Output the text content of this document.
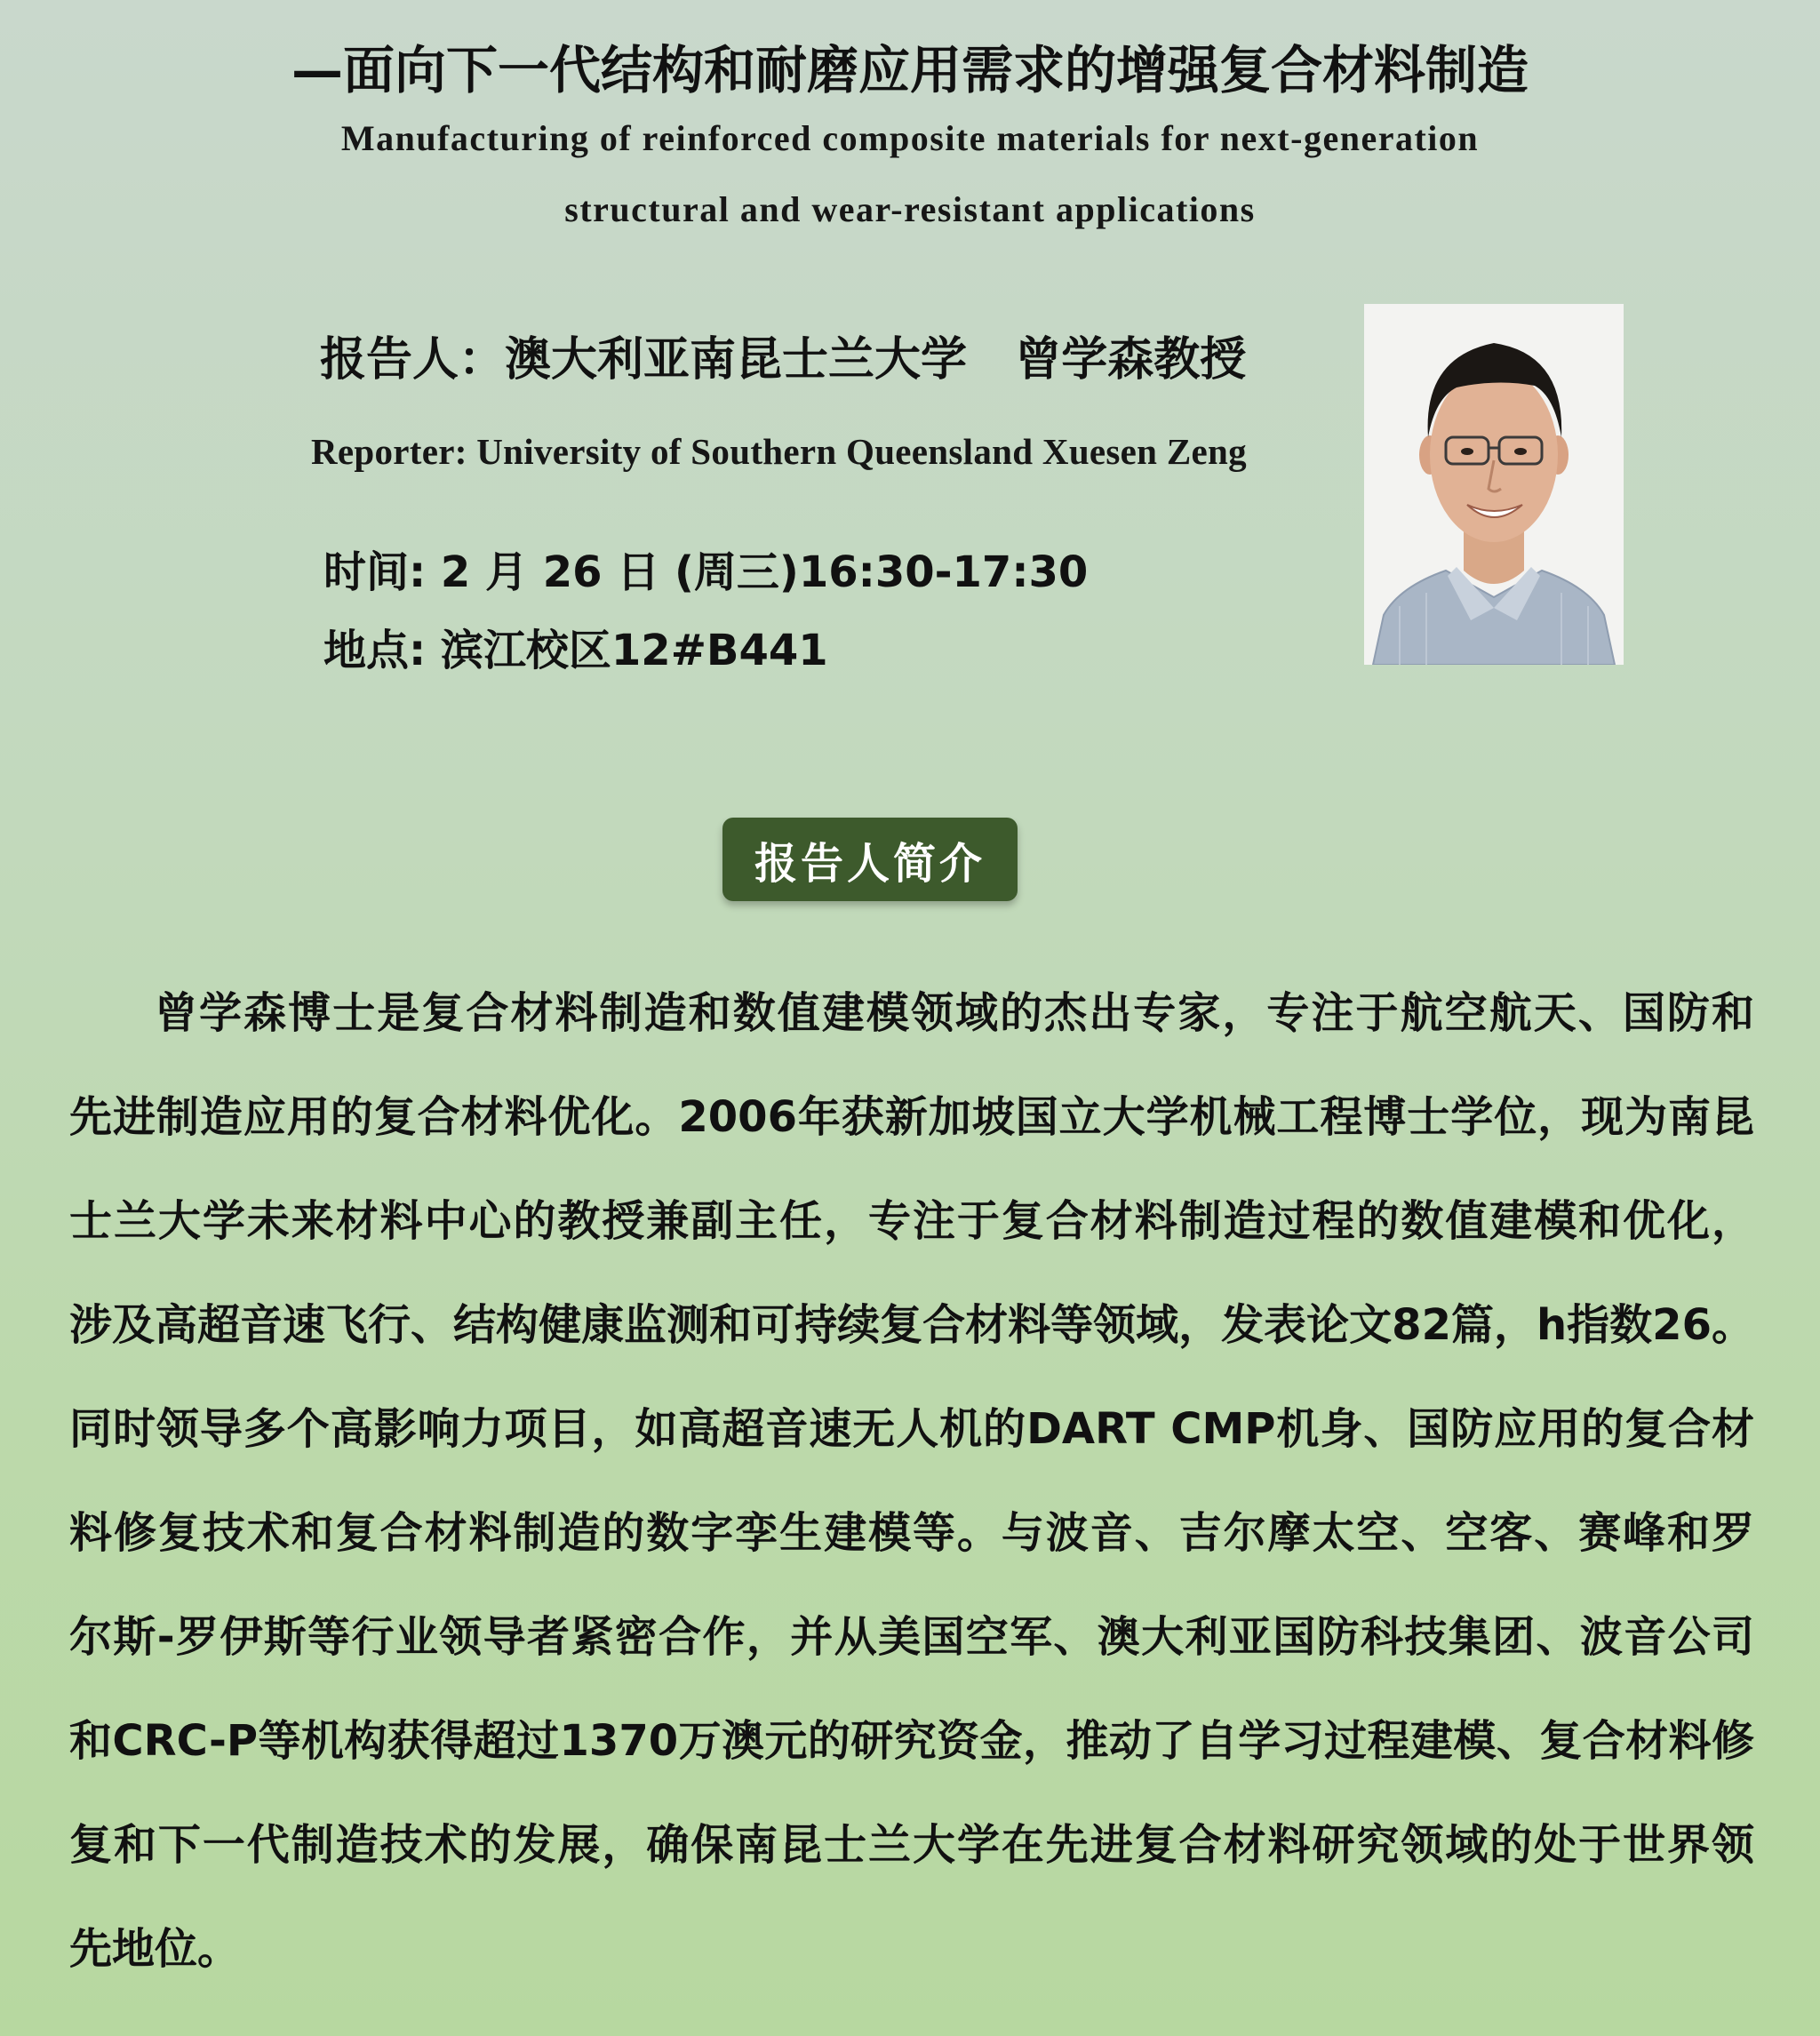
—面向下一代结构和耐磨应用需求的增强复合材料制造
Manufacturing of reinforced composite materials for next-generation
structural and wear-resistant applications
报告人：澳大利亚南昆士兰大学   曾学森教授
Reporter: University of Southern Queensland Xuesen Zeng
时间: 2 月 26 日 (周三)16:30-17:30
地点: 滨江校区12#B441
报告人简介
曾学森博士是复合材料制造和数值建模领域的杰出专家，专注于航空航天、国防和
先进制造应用的复合材料优化。2006年获新加坡国立大学机械工程博士学位，现为南昆
士兰大学未来材料中心的教授兼副主任，专注于复合材料制造过程的数值建模和优化，
涉及高超音速飞行、结构健康监测和可持续复合材料等领域，发表论文82篇，h指数26。
同时领导多个高影响力项目，如高超音速无人机的DART CMP机身、国防应用的复合材
料修复技术和复合材料制造的数字孪生建模等。与波音、吉尔摩太空、空客、赛峰和罗
尔斯-罗伊斯等行业领导者紧密合作，并从美国空军、澳大利亚国防科技集团、波音公司
和CRC-P等机构获得超过1370万澳元的研究资金，推动了自学习过程建模、复合材料修
复和下一代制造技术的发展，确保南昆士兰大学在先进复合材料研究领域的处于世界领
先地位。
